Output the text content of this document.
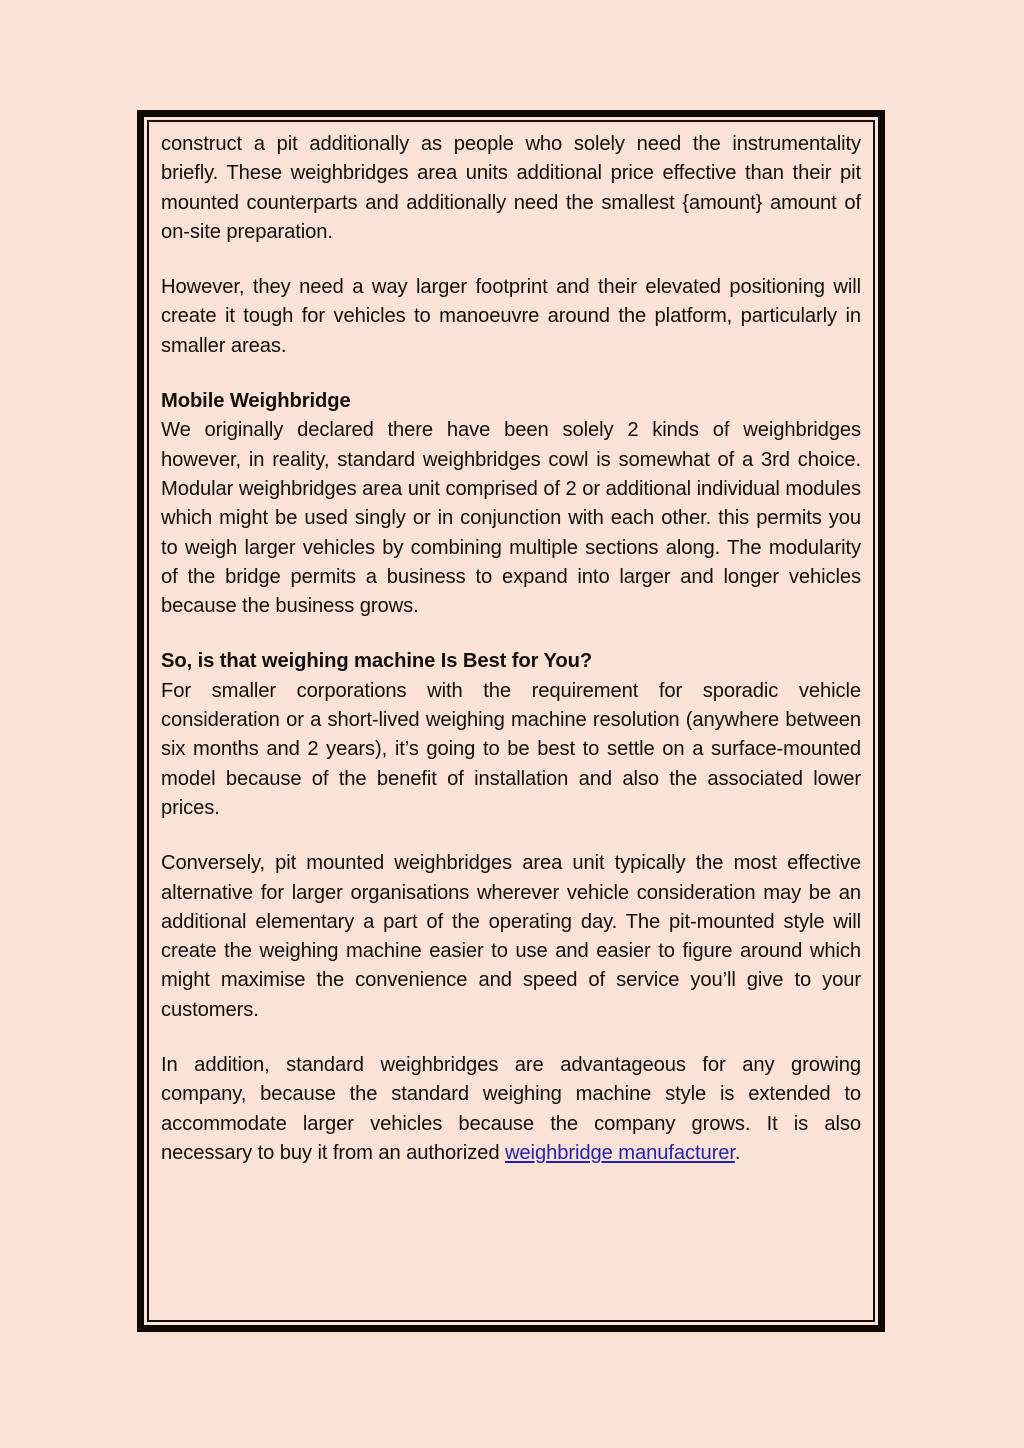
construct a pit additionally as people who solely need the instrumentality briefly. These weighbridges area units additional price effective than their pit mounted counterparts and additionally need the smallest {amount} amount of on-site preparation.

However, they need a way larger footprint and their elevated positioning will create it tough for vehicles to manoeuvre around the platform, particularly in smaller areas.

Mobile Weighbridge

We originally declared there have been solely 2 kinds of weighbridges however, in reality, standard weighbridges cowl is somewhat of a 3rd choice. Modular weighbridges area unit comprised of 2 or additional individual modules which might be used singly or in conjunction with each other. this permits you to weigh larger vehicles by combining multiple sections along. The modularity of the bridge permits a business to expand into larger and longer vehicles because the business grows.

So, is that weighing machine Is Best for You?

For smaller corporations with the requirement for sporadic vehicle consideration or a short-lived weighing machine resolution (anywhere between six months and 2 years), it’s going to be best to settle on a surface-mounted model because of the benefit of installation and also the associated lower prices.

Conversely, pit mounted weighbridges area unit typically the most effective alternative for larger organisations wherever vehicle consideration may be an additional elementary a part of the operating day. The pit-mounted style will create the weighing machine easier to use and easier to figure around which might maximise the convenience and speed of service you’ll give to your customers.

In addition, standard weighbridges are advantageous for any growing company, because the standard weighing machine style is extended to accommodate larger vehicles because the company grows. It is also necessary to buy it from an authorized weighbridge manufacturer.
